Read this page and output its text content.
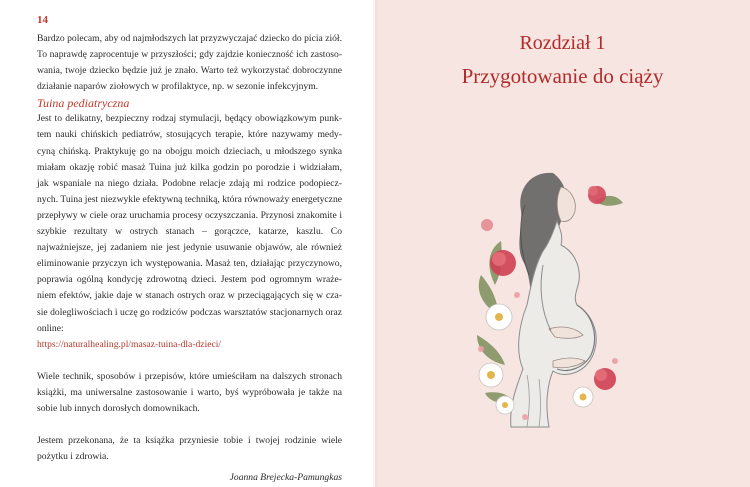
14

Bardzo polecam, aby od najmłodszych lat przyzwyczajać dziecko do picia ziół. To naprawdę zaprocentuje w przyszłości; gdy zajdzie konieczność ich zastosowania, twoje dziecko będzie już je znało. Warto też wykorzystać dobroczynne działanie naparów ziołowych w profilaktyce, np. w sezonie infekcyjnym.

Tuina pediatryczna

Jest to delikatny, bezpieczny rodzaj stymulacji, będący obowiązkowym punktem nauki chińskich pediatrów, stosujących terapie, które nazywamy medycyną chińską. Praktykuję go na obojgu moich dzieciach, u młodszego synka miałam okazję robić masaż Tuina już kilka godzin po porodzie i widziałam, jak wspaniale na niego działa. Podobne relacje zdają mi rodzice podopiecznych. Tuina jest niezwykle efektywną techniką, która równoważy energetyczne przepływy w ciele oraz uruchamia procesy oczyszczania. Przynosi znakomite i szybkie rezultaty w ostrych stanach – gorączce, katarze, kaszlu. Co najważniejsze, jej zadaniem nie jest jedynie usuwanie objawów, ale również eliminowanie przyczyn ich występowania. Masaż ten, działając przyczynowo, poprawia ogólną kondycję zdrowotną dzieci. Jestem pod ogromnym wrażeniem efektów, jakie daje w stanach ostrych oraz w przeciągających się w czasie dolegliwościach i uczę go rodziców podczas warsztatów stacjonarnych oraz online:

https://naturalhealing.pl/masaz-tuina-dla-dzieci/

Wiele technik, sposobów i przepisów, które umieściłam na dalszych stronach książki, ma uniwersalne zastosowanie i warto, byś wypróbowała je także na sobie lub innych dorosłych domownikach.

Jestem przekonana, że ta książka przyniesie tobie i twojej rodzinie wiele pożytku i zdrowia.

Joanna Brejecka-Pamungkas

Rozdział 1
Przygotowanie do ciąży
